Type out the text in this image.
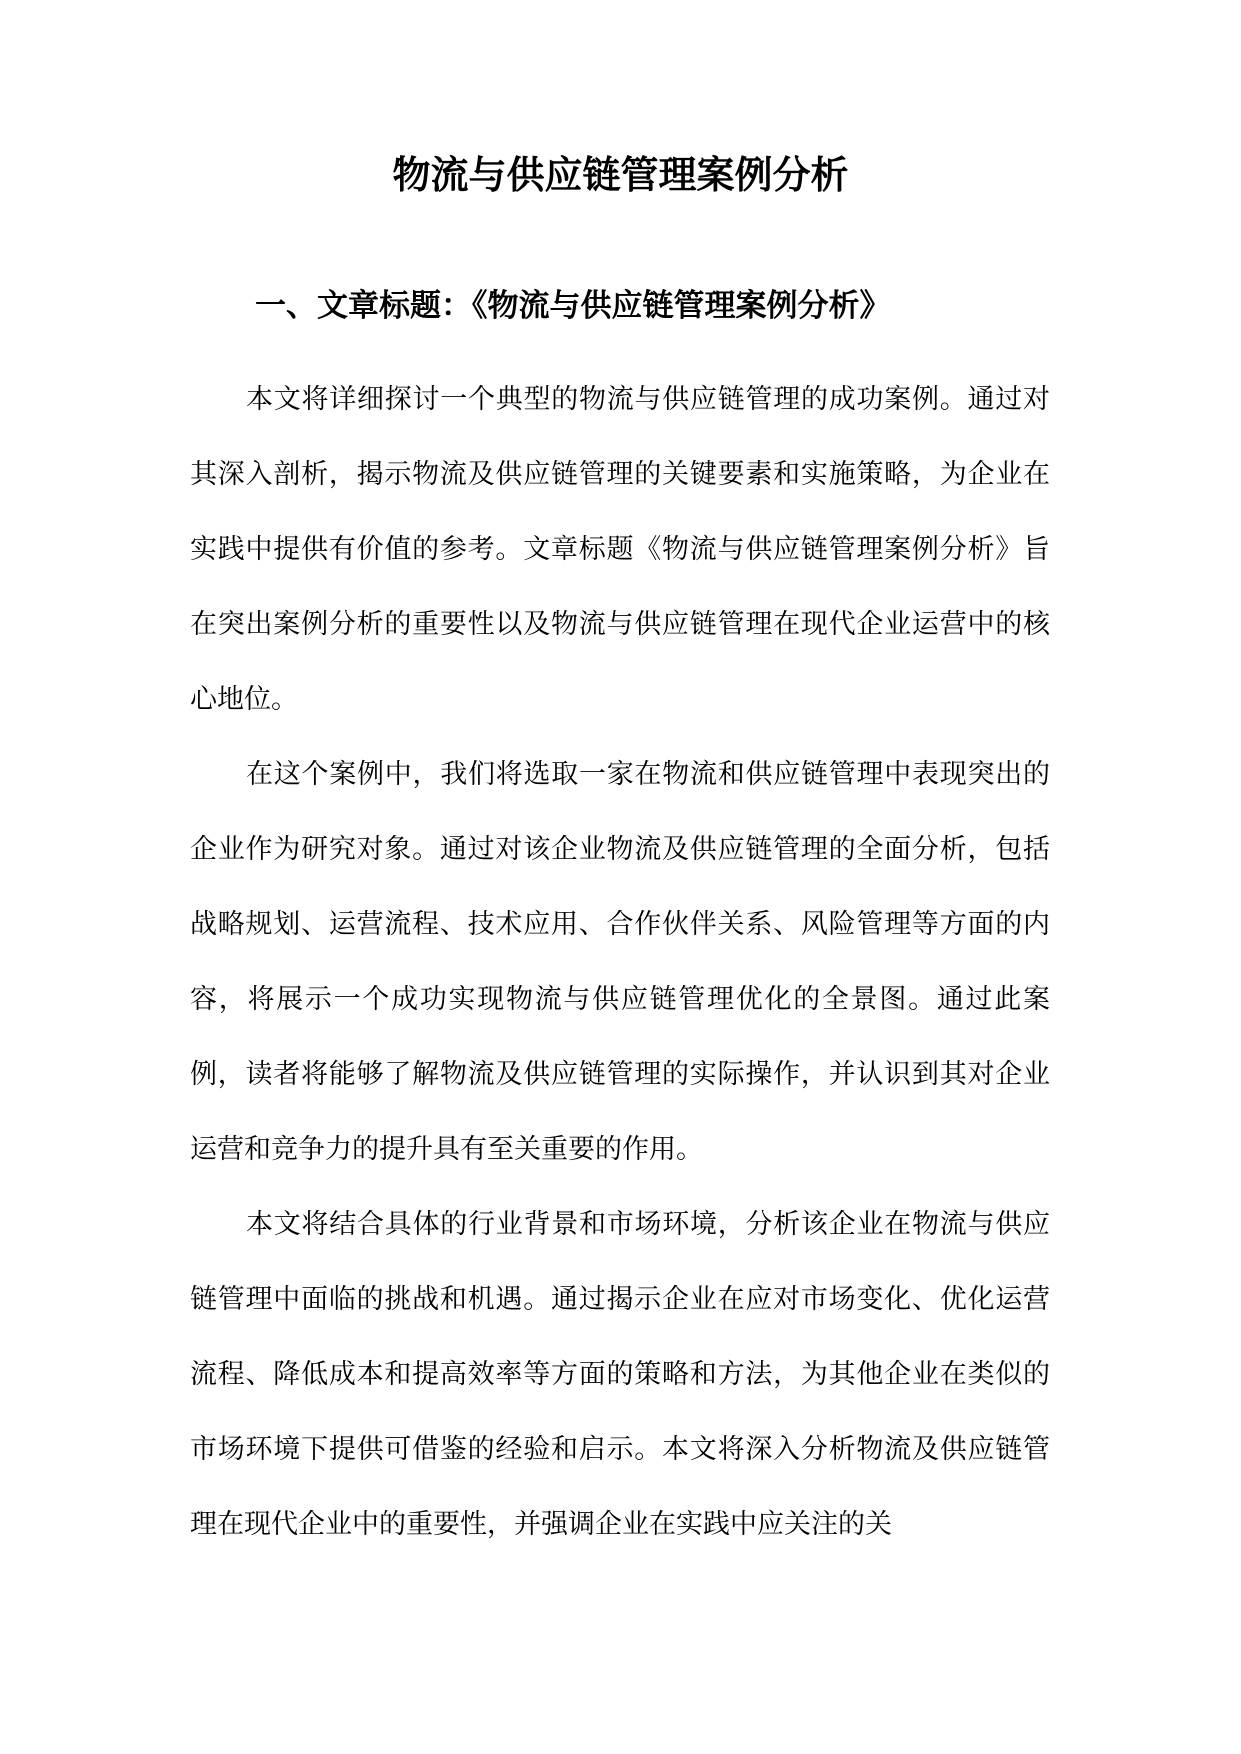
物流与供应链管理案例分析
一、文章标题：《物流与供应链管理案例分析》

本文将详细探讨一个典型的物流与供应链管理的成功案例。通过对其深入剖析，揭示物流及供应链管理的关键要素和实施策略，为企业在实践中提供有价值的参考。文章标题《物流与供应链管理案例分析》旨在突出案例分析的重要性以及物流与供应链管理在现代企业运营中的核心地位。

在这个案例中，我们将选取一家在物流和供应链管理中表现突出的企业作为研究对象。通过对该企业物流及供应链管理的全面分析，包括战略规划、运营流程、技术应用、合作伙伴关系、风险管理等方面的内容，将展示一个成功实现物流与供应链管理优化的全景图。通过此案例，读者将能够了解物流及供应链管理的实际操作，并认识到其对企业运营和竞争力的提升具有至关重要的作用。

本文将结合具体的行业背景和市场环境，分析该企业在物流与供应链管理中面临的挑战和机遇。通过揭示企业在应对市场变化、优化运营流程、降低成本和提高效率等方面的策略和方法，为其他企业在类似的市场环境下提供可借鉴的经验和启示。本文将深入分析物流及供应链管理在现代企业中的重要性，并强调企业在实践中应关注的关
